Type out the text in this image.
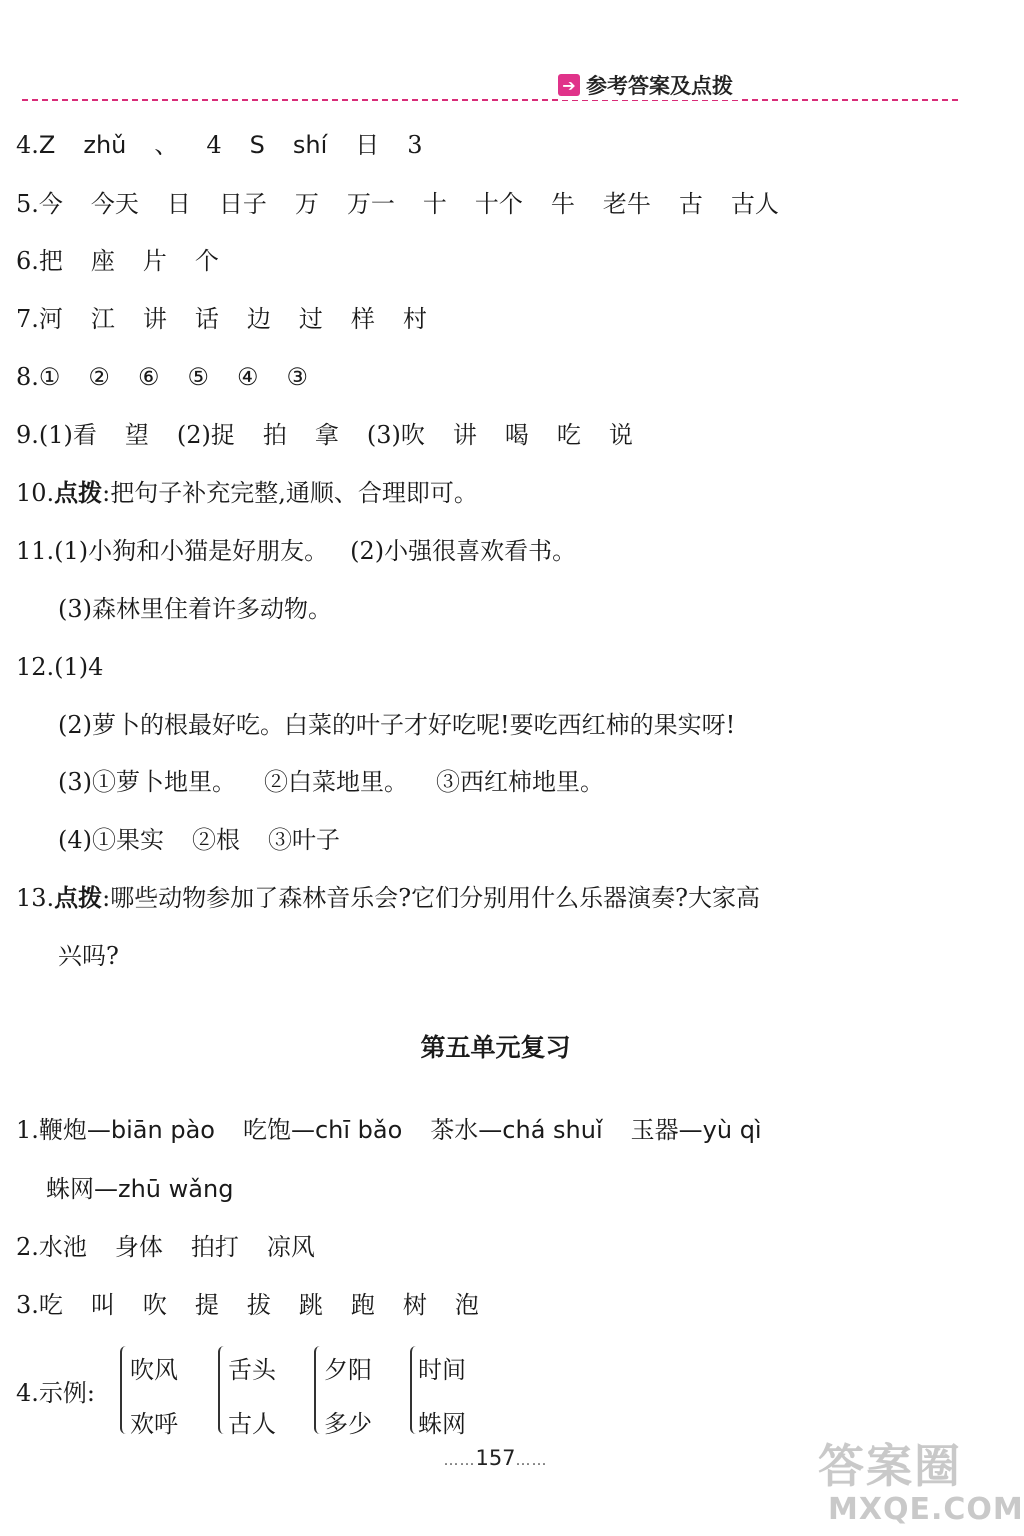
➔ 参考答案及点拨
4.Z zhǔ 、 4 S shí 日 3
5.今 今天 日 日子 万 万一 十 十个 牛 老牛 古 古人
6.把 座 片 个
7.河 江 讲 话 边 过 样 村
8.① ② ⑥ ⑤ ④ ③
9.(1)看 望 (2)捉 拍 拿 (3)吹 讲 喝 吃 说
10.点拨:把句子补充完整,通顺、合理即可。
11.(1)小狗和小猫是好朋友。 (2)小强很喜欢看书。
(3)森林里住着许多动物。
12.(1)4
(2)萝卜的根最好吃。白菜的叶子才好吃呢!要吃西红柿的果实呀!
(3)①萝卜地里。 ②白菜地里。 ③西红柿地里。
(4)①果实 ②根 ③叶子
13.点拨:哪些动物参加了森林音乐会?它们分别用什么乐器演奏?大家高
兴吗?
第五单元复习
1.鞭炮—biān pào 吃饱—chī bǎo 茶水—chá shuǐ 玉器—yù qì
蛛网—zhū wǎng
2.水池 身体 拍打 凉风
3.吃 叫 吹 提 拔 跳 跑 树 泡
4.示例:
吹风
欢呼
舌头
古人
夕阳
多少
时间
蛛网
……157……	答案圈
MXQE.COM
